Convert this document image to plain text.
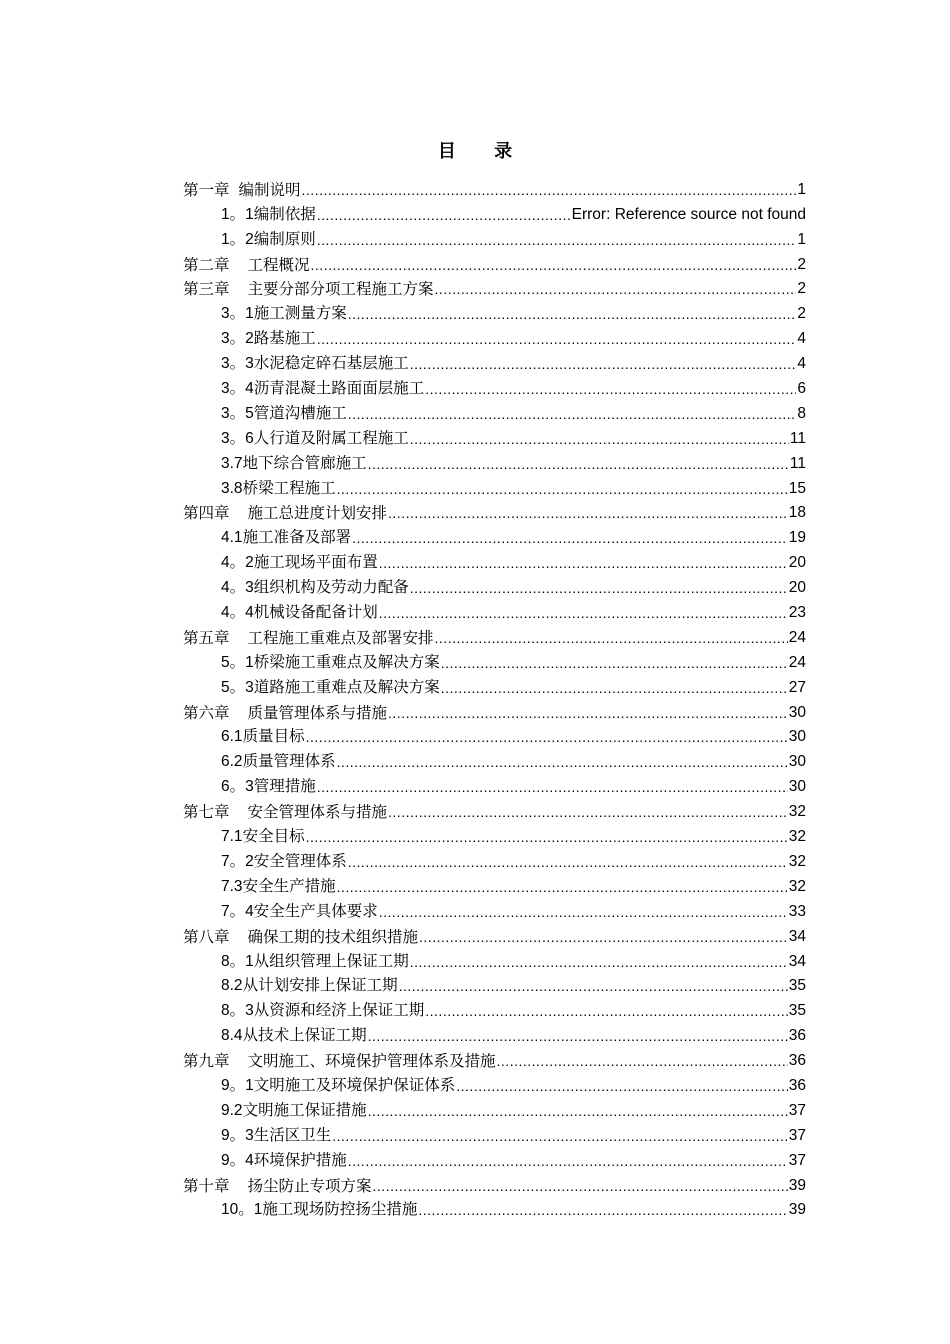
目 录
第一章 编制说明 .....	1
1。1编制依据 .....	Error: Reference source not found
1。2编制原则 .....	1
第二章 工程概况 .....	2
第三章 主要分部分项工程施工方案 .....	2
3。1施工测量方案 .....	2
3。2路基施工 .....	4
3。3水泥稳定碎石基层施工 .....	4
3。4沥青混凝土路面面层施工 .....	6
3。5管道沟槽施工 .....	8
3。6人行道及附属工程施工 .....	11
3.7地下综合管廊施工 .....	11
3.8桥梁工程施工 .....	15
第四章 施工总进度计划安排 .....	18
4.1施工准备及部署 .....	19
4。2施工现场平面布置 .....	20
4。3组织机构及劳动力配备 .....	20
4。4机械设备配备计划 .....	23
第五章 工程施工重难点及部署安排 .....	24
5。1桥梁施工重难点及解决方案 .....	24
5。3道路施工重难点及解决方案 .....	27
第六章 质量管理体系与措施 .....	30
6.1质量目标 .....	30
6.2质量管理体系 .....	30
6。3管理措施 .....	30
第七章 安全管理体系与措施 .....	32
7.1安全目标 .....	32
7。2安全管理体系 .....	32
7.3安全生产措施 .....	32
7。4安全生产具体要求 .....	33
第八章 确保工期的技术组织措施 .....	34
8。1从组织管理上保证工期 .....	34
8.2从计划安排上保证工期 .....	35
8。3从资源和经济上保证工期 .....	35
8.4从技术上保证工期 .....	36
第九章 文明施工、环境保护管理体系及措施 .....	36
9。1文明施工及环境保护保证体系 .....	36
9.2文明施工保证措施 .....	37
9。3生活区卫生 .....	37
9。4环境保护措施 .....	37
第十章 扬尘防止专项方案 .....	39
10。1施工现场防控扬尘措施 .....	39
